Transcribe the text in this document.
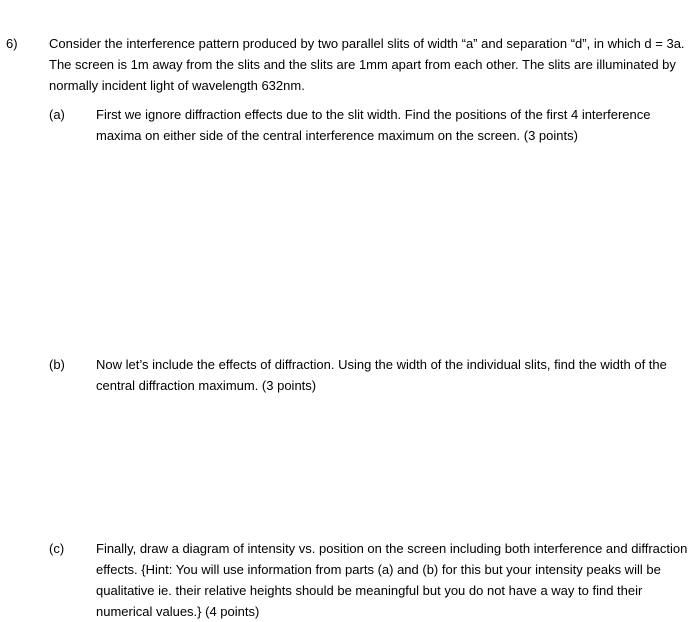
6)	Consider the interference pattern produced by two parallel slits of width “a” and separation “d”, in which d = 3a. The screen is 1m away from the slits and the slits are 1mm apart from each other. The slits are illuminated by normally incident light of wavelength 632nm.
(a)	First we ignore diffraction effects due to the slit width. Find the positions of the first 4 interference maxima on either side of the central interference maximum on the screen. (3 points)
(b)	Now let’s include the effects of diffraction. Using the width of the individual slits, find the width of the central diffraction maximum. (3 points)
(c)	Finally, draw a diagram of intensity vs. position on the screen including both interference and diffraction effects. {Hint: You will use information from parts (a) and (b) for this but your intensity peaks will be qualitative ie. their relative heights should be meaningful but you do not have a way to find their numerical values.} (4 points)
